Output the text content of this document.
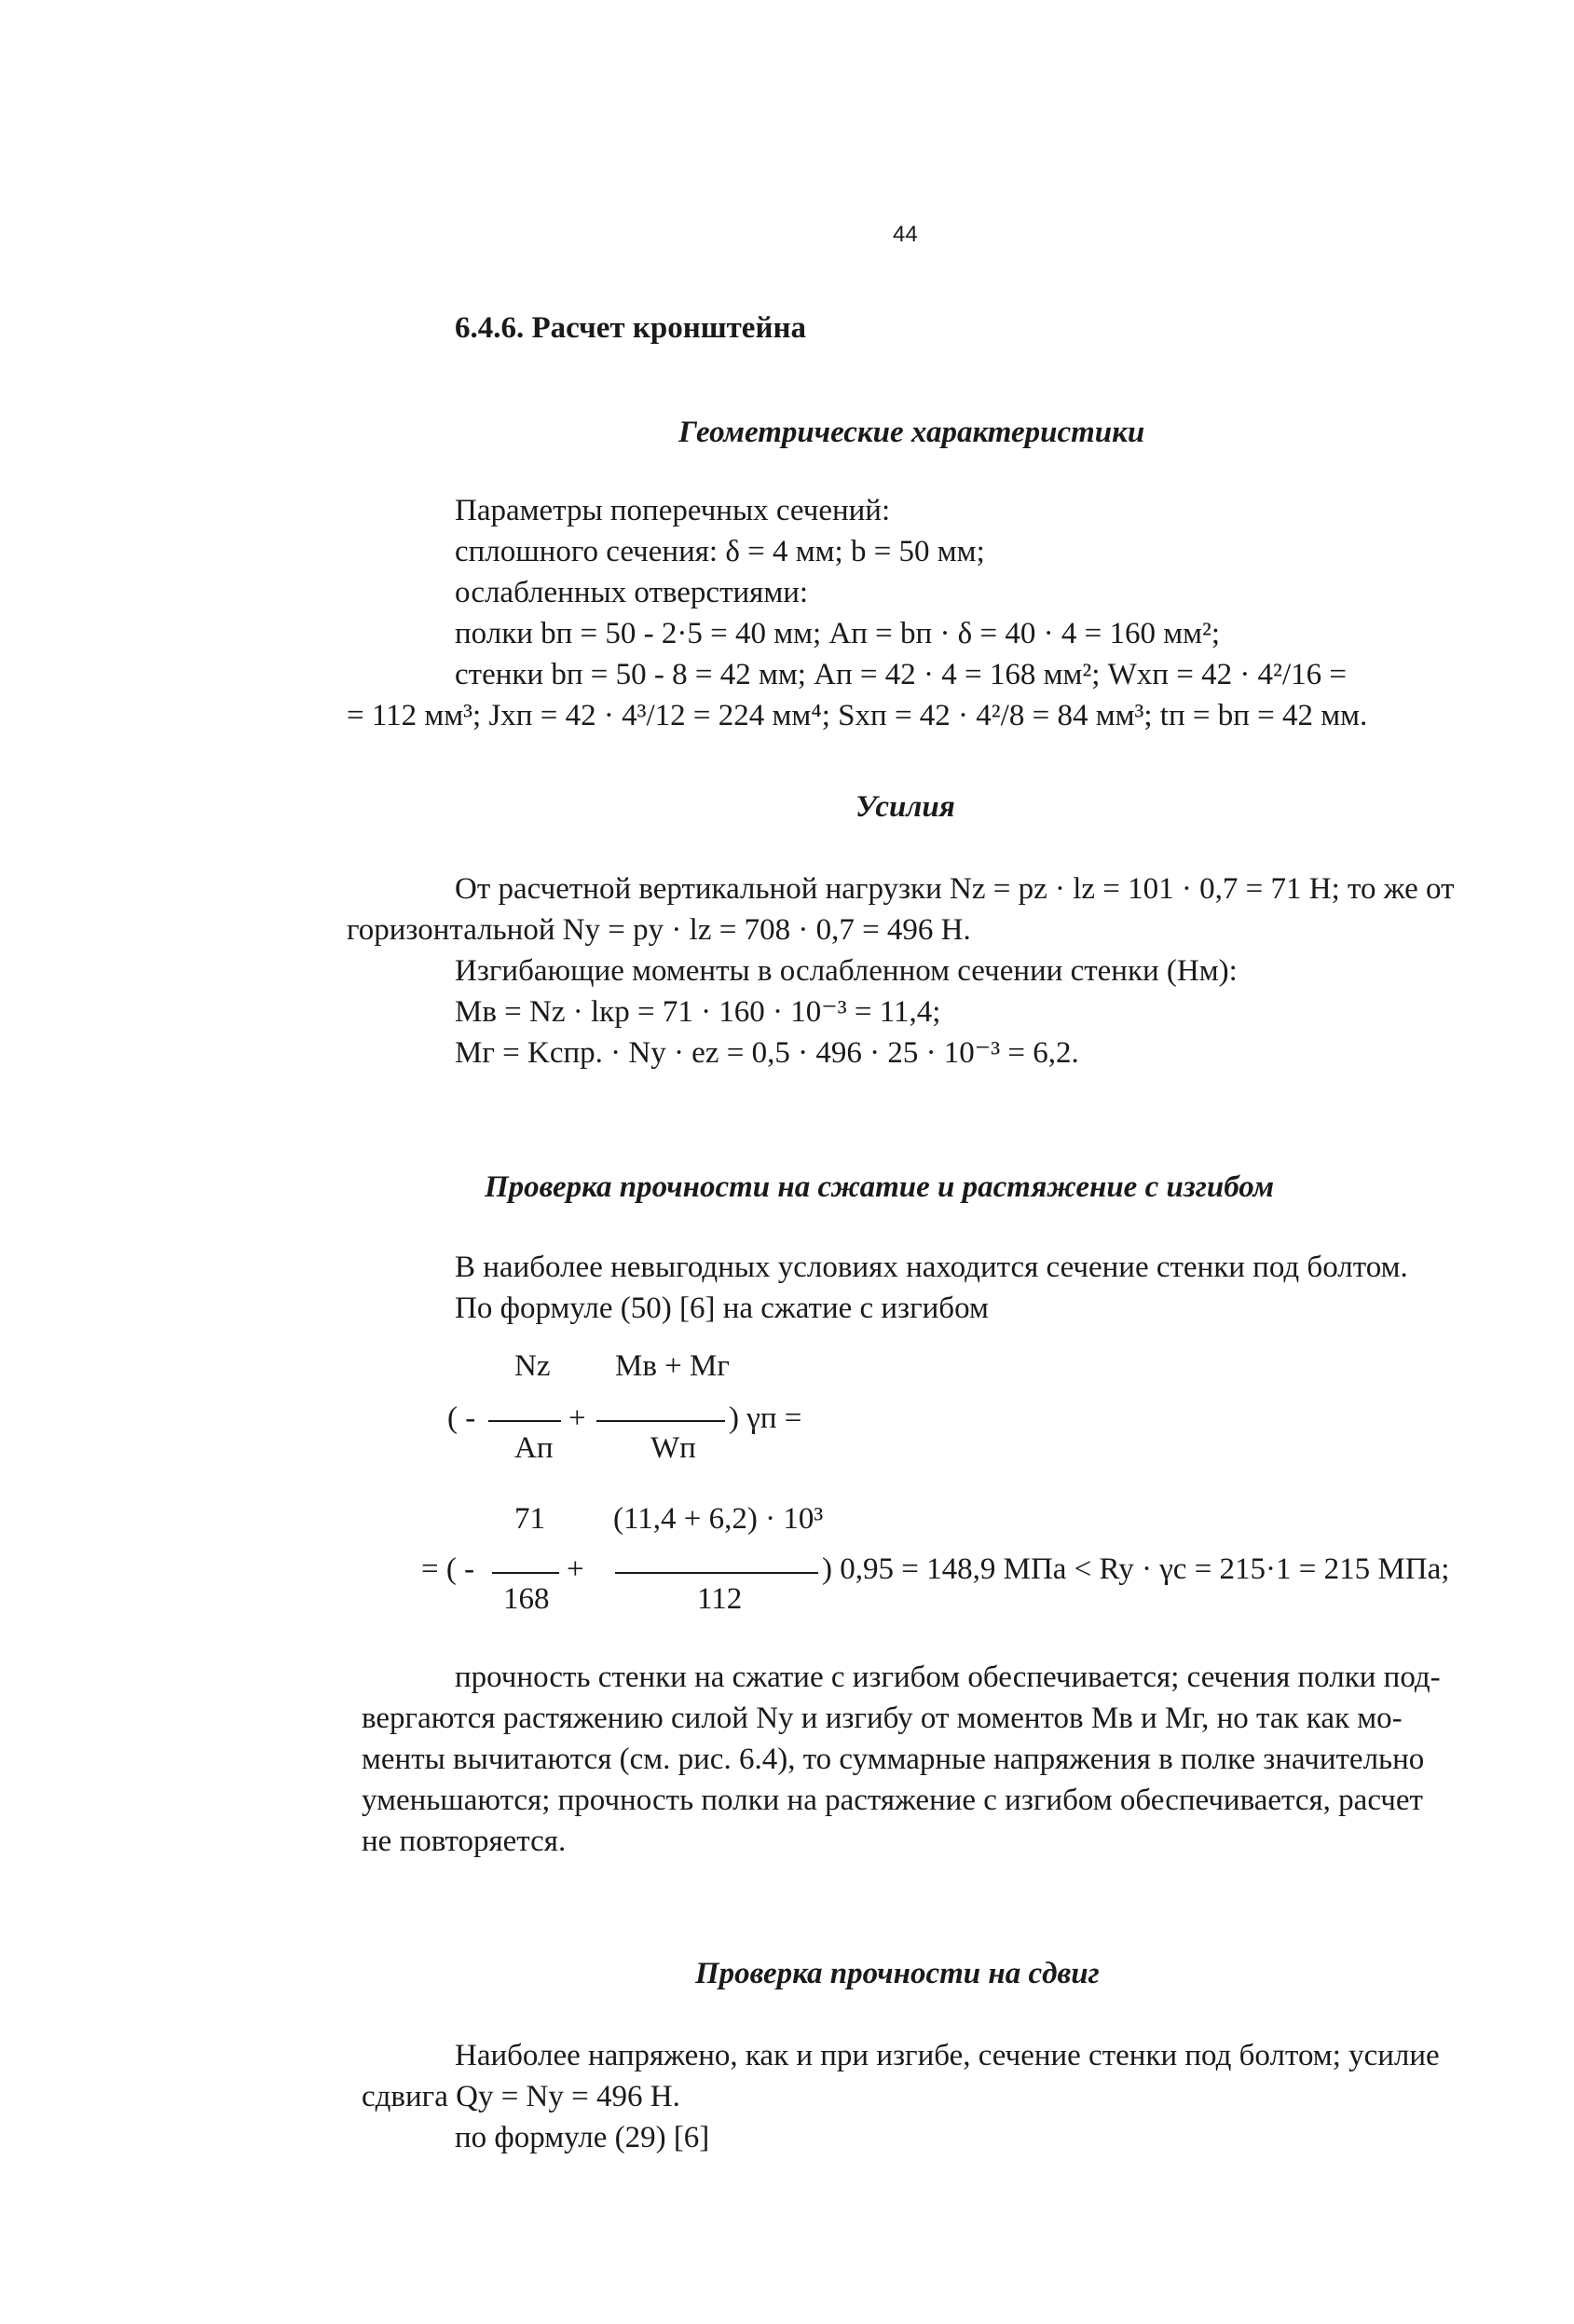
44
6.4.6. Расчет кронштейна
Геометрические характеристики
Параметры поперечных сечений:
сплошного сечения: δ = 4 мм; b = 50 мм;
ослабленных отверстиями:
полки bп = 50 - 2·5 = 40 мм; Aп = bп · δ = 40 · 4 = 160 мм²;
стенки bп = 50 - 8 = 42 мм; Aп = 42 · 4 = 168 мм²; Wхп = 42 · 4²/16 =
= 112 мм³; Jхп = 42 · 4³/12 = 224 мм⁴; Sхп = 42 · 4²/8 = 84 мм³; tп = bп = 42 мм.
Усилия
От расчетной вертикальной нагрузки Nz = pz · lz = 101 · 0,7 = 71 Н; то же от
горизонтальной Ny = py · lz = 708 · 0,7 = 496 Н.
Изгибающие моменты в ослабленном сечении стенки (Нм):
Mв = Nz · lкр = 71 · 160 · 10⁻³ = 11,4;
Mг = Kспр. · Ny · ez = 0,5 · 496 · 25 · 10⁻³ = 6,2.
Проверка прочности на сжатие и растяжение с изгибом
В наиболее невыгодных условиях находится сечение стенки под болтом.
По формуле (50) [6] на сжатие с изгибом
( -
Nz
Aп
+
Mв + Mг
Wп
) γп =
= ( -
71
168
+
(11,4 + 6,2) · 10³
112
) 0,95 = 148,9 МПа < Ry · γc = 215·1 = 215 МПа;
прочность стенки на сжатие с изгибом обеспечивается; сечения полки под-
вергаются растяжению силой Ny и изгибу от моментов Mв и Mг, но так как мо-
менты вычитаются (см. рис. 6.4), то суммарные напряжения в полке значительно
уменьшаются; прочность полки на растяжение с изгибом обеспечивается, расчет
не повторяется.
Проверка прочности на сдвиг
Наиболее напряжено, как и при изгибе, сечение стенки под болтом; усилие
сдвига Qy = Ny = 496 Н.
по формуле (29) [6]
